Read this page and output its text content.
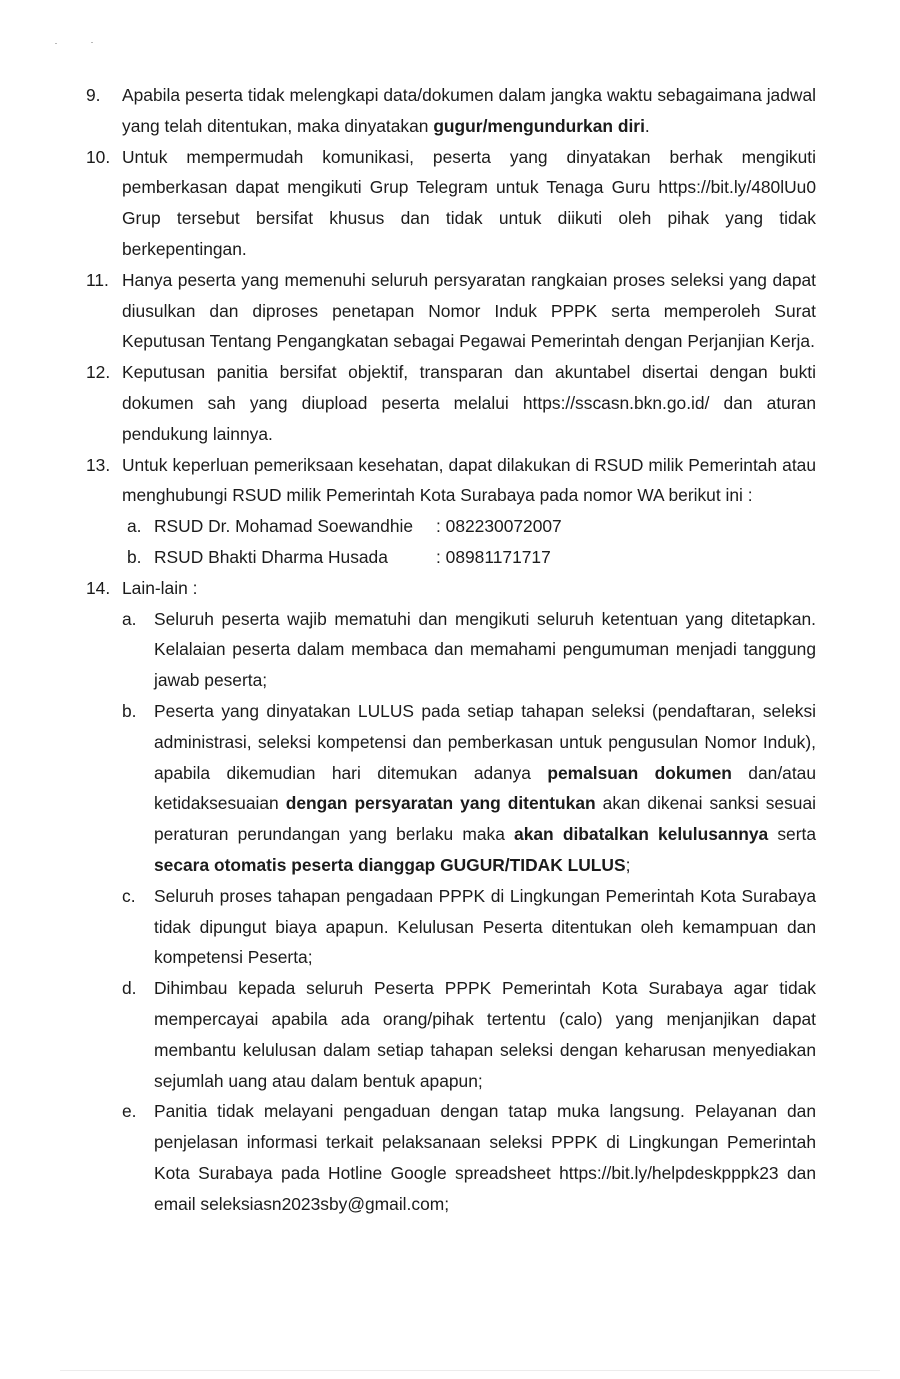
9.	Apabila peserta tidak melengkapi data/dokumen dalam jangka waktu sebagaimana jadwal yang telah ditentukan, maka dinyatakan gugur/mengundurkan diri.
10. Untuk mempermudah komunikasi, peserta yang dinyatakan berhak mengikuti pemberkasan dapat mengikuti Grup Telegram untuk Tenaga Guru https://bit.ly/480lUu0 Grup tersebut bersifat khusus dan tidak untuk diikuti oleh pihak yang tidak berkepentingan.
11. Hanya peserta yang memenuhi seluruh persyaratan rangkaian proses seleksi yang dapat diusulkan dan diproses penetapan Nomor Induk PPPK serta memperoleh Surat Keputusan Tentang Pengangkatan sebagai Pegawai Pemerintah dengan Perjanjian Kerja.
12. Keputusan panitia bersifat objektif, transparan dan akuntabel disertai dengan bukti dokumen sah yang diupload peserta melalui https://sscasn.bkn.go.id/ dan aturan pendukung lainnya.
13. Untuk keperluan pemeriksaan kesehatan, dapat dilakukan di RSUD milik Pemerintah atau menghubungi RSUD milik Pemerintah Kota Surabaya pada nomor WA berikut ini :
a. RSUD Dr. Mohamad Soewandhie : 082230072007
b. RSUD Bhakti Dharma Husada	: 08981171717
14. Lain-lain :
a.	Seluruh peserta wajib mematuhi dan mengikuti seluruh ketentuan yang ditetapkan. Kelalaian peserta dalam membaca dan memahami pengumuman menjadi tanggung jawab peserta;
b.	Peserta yang dinyatakan LULUS pada setiap tahapan seleksi (pendaftaran, seleksi administrasi, seleksi kompetensi dan pemberkasan untuk pengusulan Nomor Induk), apabila dikemudian hari ditemukan adanya pemalsuan dokumen dan/atau ketidaksesuaian dengan persyaratan yang ditentukan akan dikenai sanksi sesuai peraturan perundangan yang berlaku maka akan dibatalkan kelulusannya serta secara otomatis peserta dianggap GUGUR/TIDAK LULUS;
c.	Seluruh proses tahapan pengadaan PPPK di Lingkungan Pemerintah Kota Surabaya tidak dipungut biaya apapun. Kelulusan Peserta ditentukan oleh kemampuan dan kompetensi Peserta;
d.	Dihimbau kepada seluruh Peserta PPPK Pemerintah Kota Surabaya agar tidak mempercayai apabila ada orang/pihak tertentu (calo) yang menjanjikan dapat membantu kelulusan dalam setiap tahapan seleksi dengan keharusan menyediakan sejumlah uang atau dalam bentuk apapun;
e.	Panitia tidak melayani pengaduan dengan tatap muka langsung. Pelayanan dan penjelasan informasi terkait pelaksanaan seleksi PPPK di Lingkungan Pemerintah Kota Surabaya pada Hotline Google spreadsheet https://bit.ly/helpdeskpppk23 dan email seleksiasn2023sby@gmail.com;
